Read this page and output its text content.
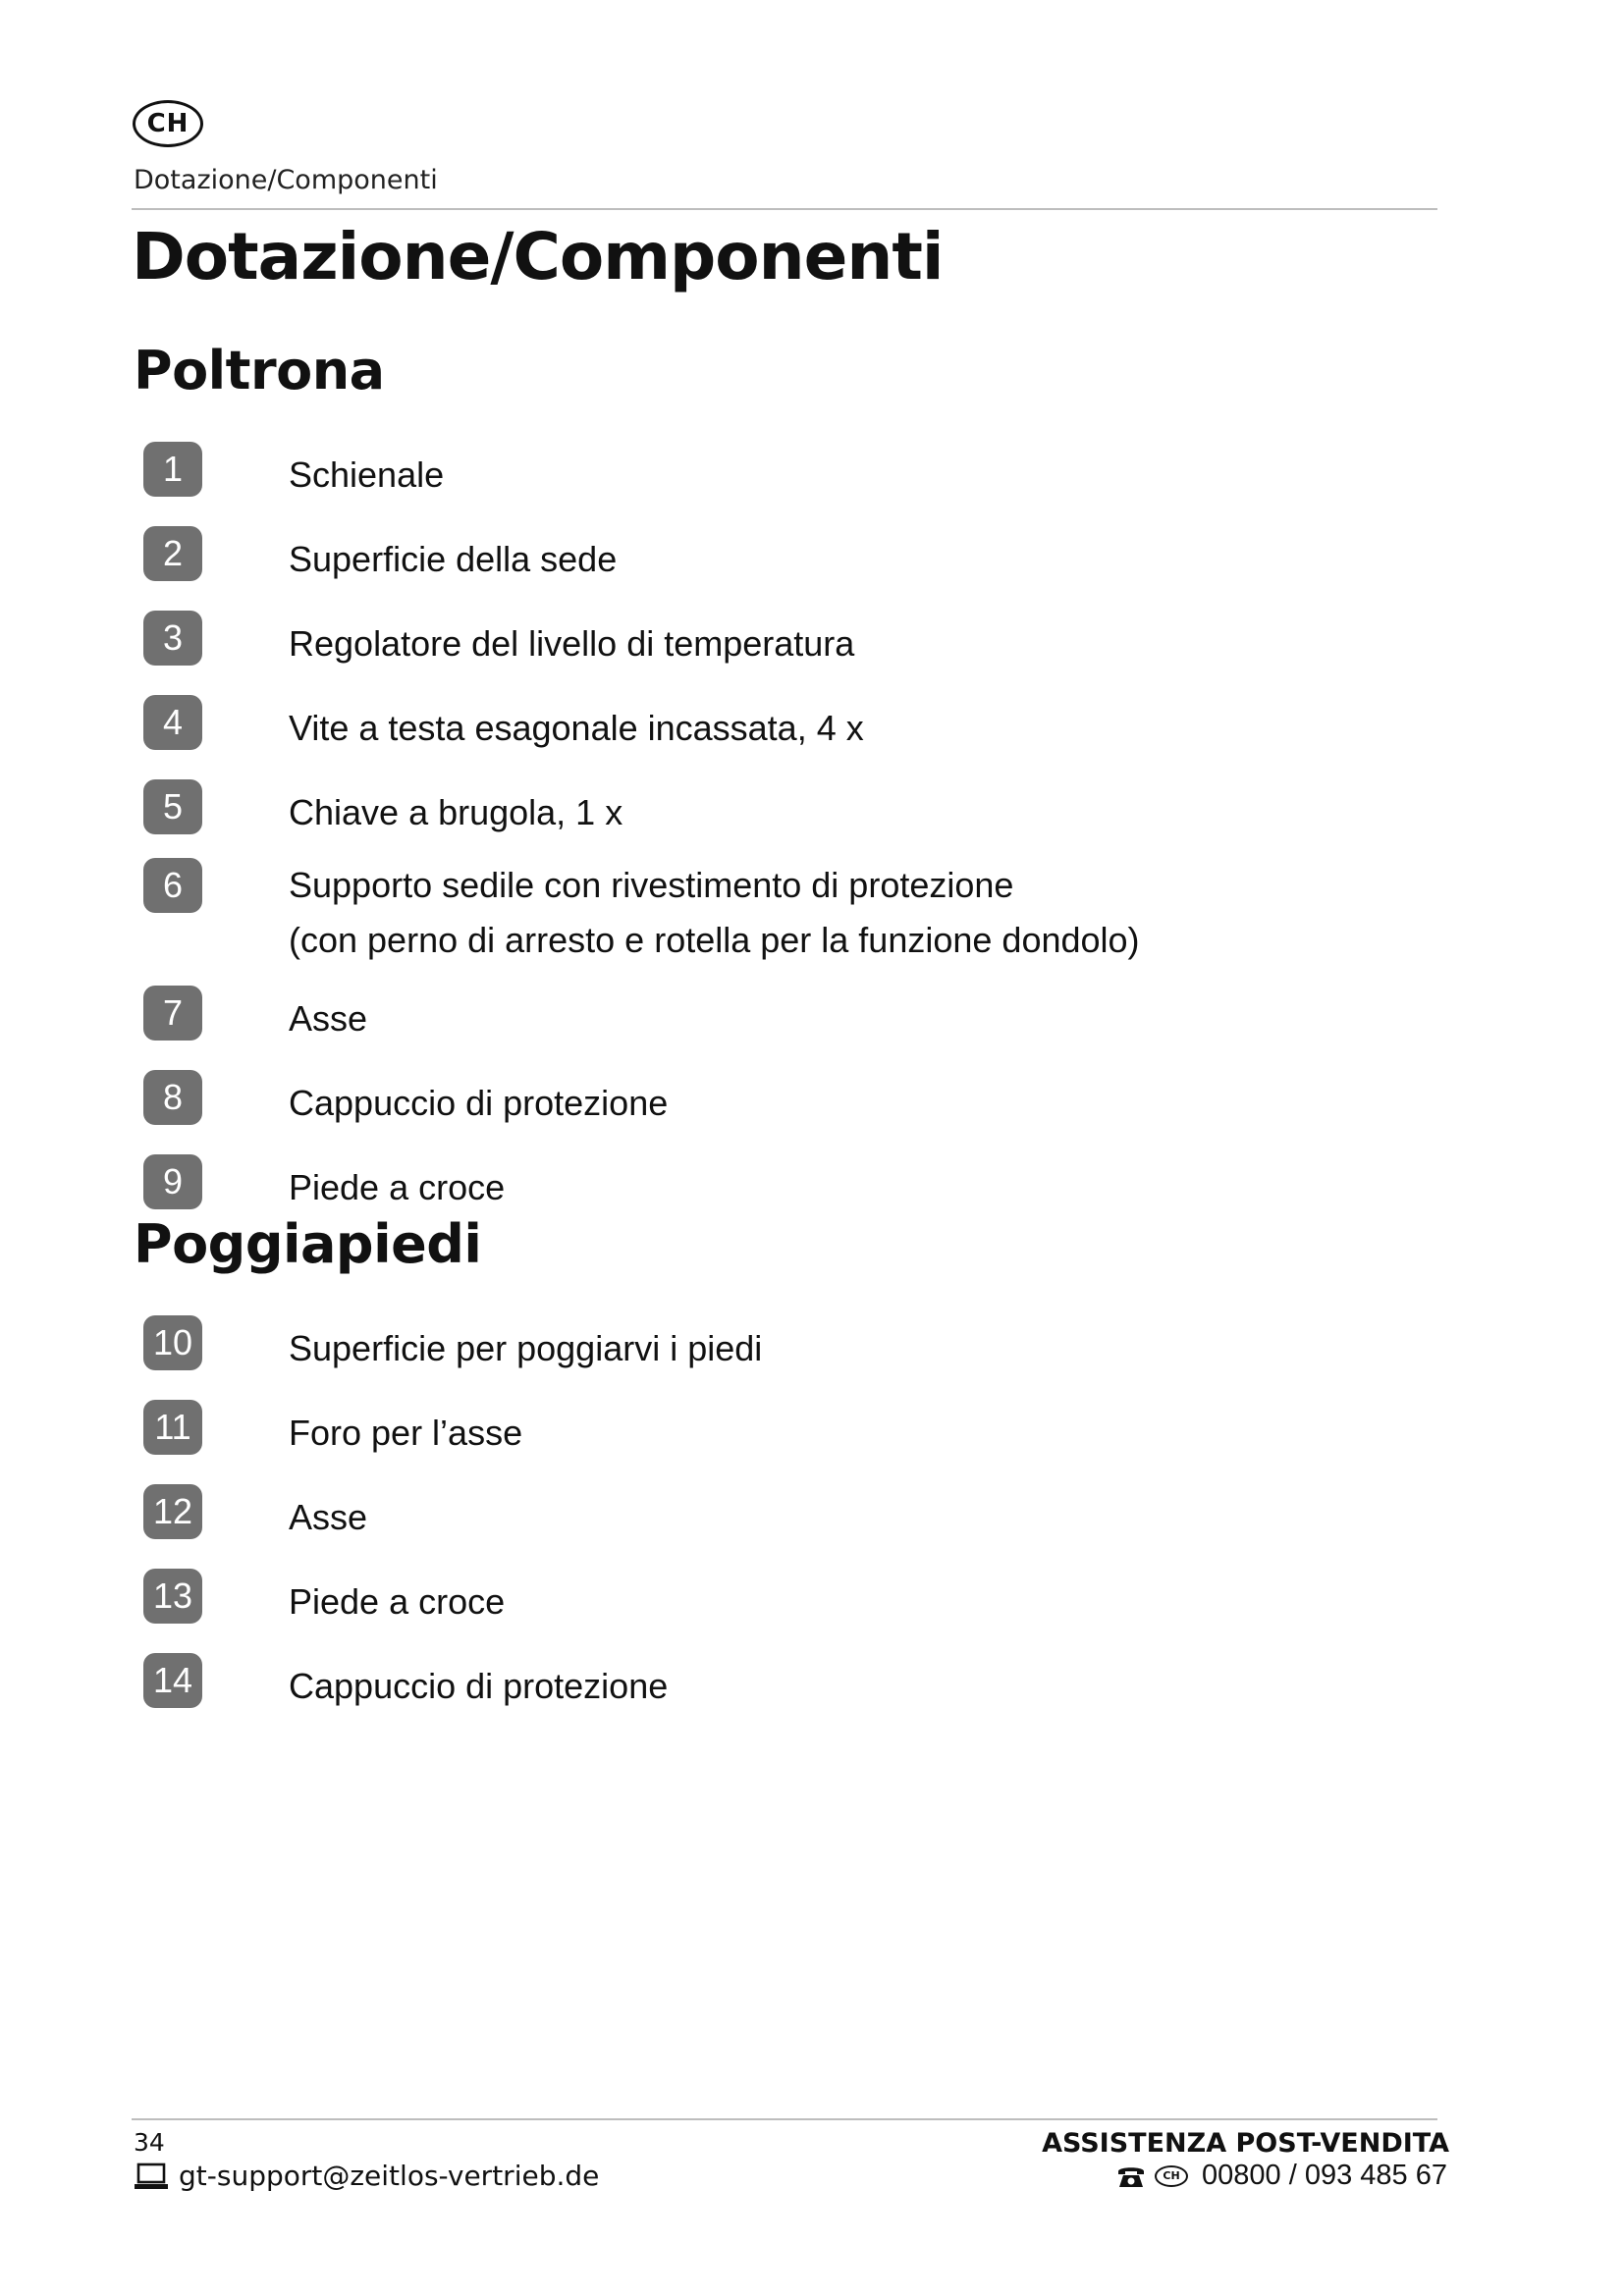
CH
Dotazione/Componenti
Dotazione/Componenti
Poltrona
1	Schienale
2	Superficie della sede
3	Regolatore del livello di temperatura
4	Vite a testa esagonale incassata, 4 x
5	Chiave a brugola, 1 x
6	Supporto sedile con rivestimento di protezione
(con perno di arresto e rotella per la funzione dondolo)
7	Asse
8	Cappuccio di protezione
9	Piede a croce
Poggiapiedi
10	Superficie per poggiarvi i piedi
11	Foro per l’asse
12	Asse
13	Piede a croce
14	Cappuccio di protezione
34
gt-support@zeitlos-vertrieb.de
ASSISTENZA POST-VENDITA
CH 00800 / 093 485 67
